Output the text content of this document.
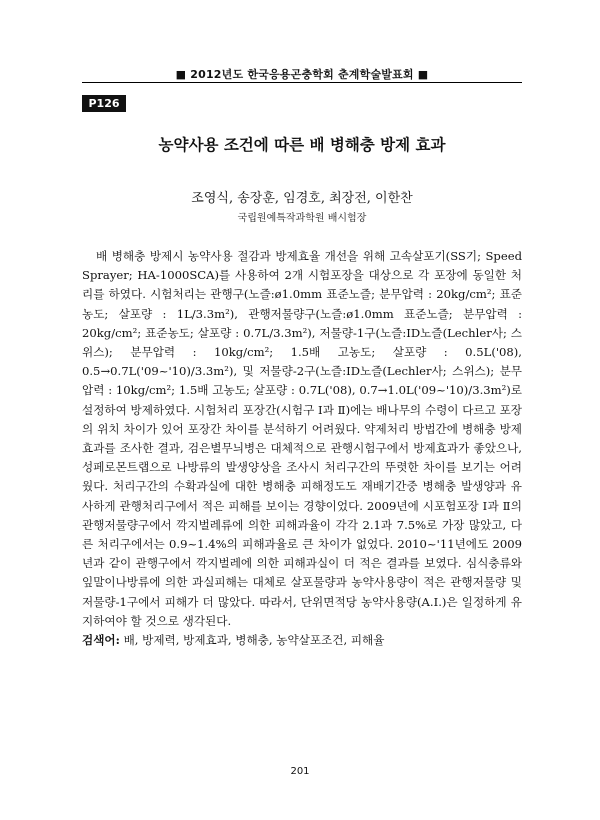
■ 2012년도 한국응용곤충학회 춘계학술발표회 ■
P126
농약사용 조건에 따른 배 병해충 방제 효과
조영식, 송장훈, 임경호, 최장전, 이한찬
국립원예특작과학원 배시험장

배 병해충 방제시 농약사용 절감과 방제효율 개선을 위해 고속살포기(SS기; Speed Sprayer; HA-1000SCA)를 사용하여 2개 시험포장을 대상으로 각 포장에 동일한 처리를 하였다. 시험처리는 관행구(노즐:ø1.0mm 표준노즐; 분무압력 : 20kg/cm²; 표준농도; 살포량 : 1L/3.3m²), 관행저물량구(노즐:ø1.0mm 표준노즐; 분무압력 : 20kg/cm²; 표준농도; 살포량 : 0.7L/3.3m²), 저물량-1구(노즐:ID노즐(Lechler사; 스위스); 분무압력 : 10kg/cm²; 1.5배 고농도; 살포량 : 0.5L('08), 0.5→0.7L('09~'10)/3.3m²), 및 저물량-2구(노즐:ID노즐(Lechler사; 스위스); 분무압력 : 10kg/cm²; 1.5배 고농도; 살포량 : 0.7L('08), 0.7→1.0L('09~'10)/3.3m²)로 설정하여 방제하였다. 시험처리 포장간(시험구 Ⅰ과 Ⅱ)에는 배나무의 수령이 다르고 포장의 위치 차이가 있어 포장간 차이를 분석하기 어려웠다. 약제처리 방법간에 병해충 방제효과를 조사한 결과, 검은별무늬병은 대체적으로 관행시험구에서 방제효과가 좋았으나, 성페로몬트랩으로 나방류의 발생양상을 조사시 처리구간의 뚜렷한 차이를 보기는 어려웠다. 처리구간의 수확과실에 대한 병해충 피해정도도 재배기간중 병해충 발생양과 유사하게 관행처리구에서 적은 피해를 보이는 경향이었다. 2009년에 시포험포장 Ⅰ과 Ⅱ의 관행저물량구에서 깍지벌레류에 의한 피해과율이 각각 2.1과 7.5%로 가장 많았고, 다른 처리구에서는 0.9~1.4%의 피해과율로 큰 차이가 없었다. 2010~'11년에도 2009년과 같이 관행구에서 깍지벌레에 의한 피해과실이 더 적은 결과를 보였다. 심식충류와 잎말이나방류에 의한 과실피해는 대체로 살포물량과 농약사용량이 적은 관행저물량 및 저물량-1구에서 피해가 더 많았다. 따라서, 단위면적당 농약사용량(A.I.)은 일정하게 유지하여야 할 것으로 생각된다.

검색어: 배, 방제력, 방제효과, 병해충, 농약살포조건, 피해율
201
